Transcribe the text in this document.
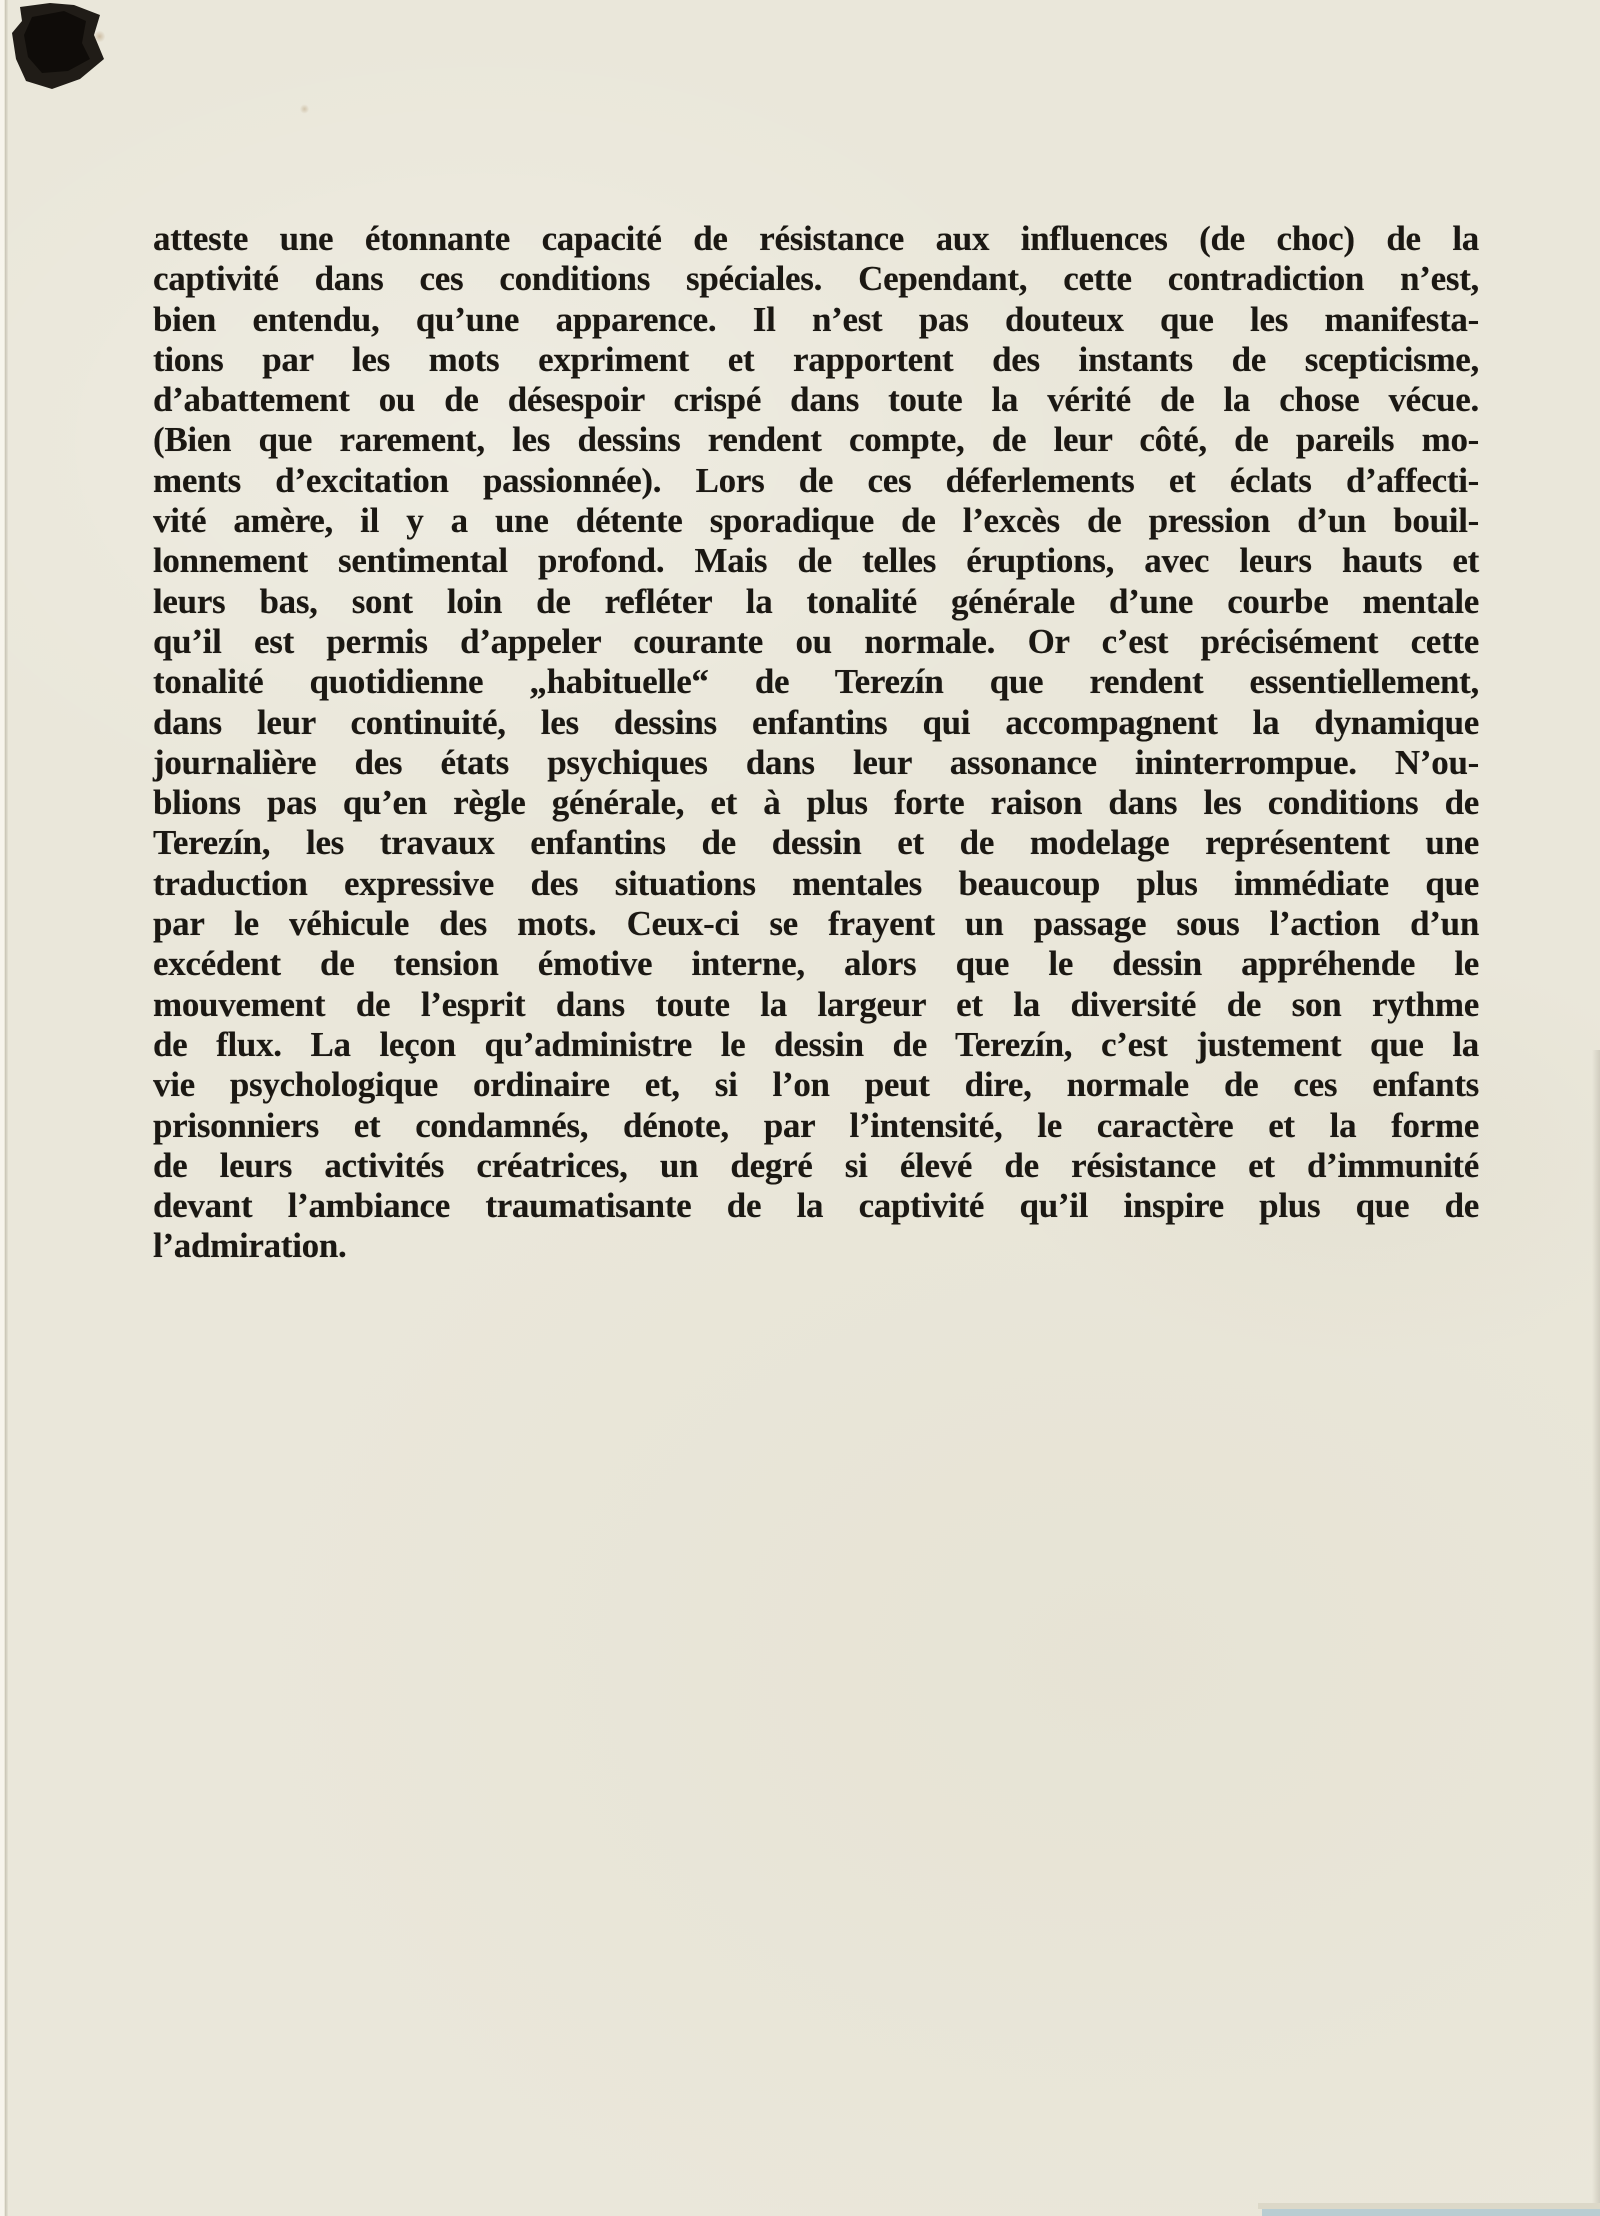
atteste une étonnante capacité de résistance aux influences (de choc) de la
captivité dans ces conditions spéciales. Cependant, cette contradiction n’est,
bien entendu, qu’une apparence. Il n’est pas douteux que les manifesta-
tions par les mots expriment et rapportent des instants de scepticisme,
d’abattement ou de désespoir crispé dans toute la vérité de la chose vécue.
(Bien que rarement, les dessins rendent compte, de leur côté, de pareils mo-
ments d’excitation passionnée). Lors de ces déferlements et éclats d’affecti-
vité amère, il y a une détente sporadique de l’excès de pression d’un bouil-
lonnement sentimental profond. Mais de telles éruptions, avec leurs hauts et
leurs bas, sont loin de refléter la tonalité générale d’une courbe mentale
qu’il est permis d’appeler courante ou normale. Or c’est précisément cette
tonalité quotidienne „habituelle“ de Terezín que rendent essentiellement,
dans leur continuité, les dessins enfantins qui accompagnent la dynamique
journalière des états psychiques dans leur assonance ininterrompue. N’ou-
blions pas qu’en règle générale, et à plus forte raison dans les conditions de
Terezín, les travaux enfantins de dessin et de modelage représentent une
traduction expressive des situations mentales beaucoup plus immédiate que
par le véhicule des mots. Ceux-ci se frayent un passage sous l’action d’un
excédent de tension émotive interne, alors que le dessin appréhende le
mouvement de l’esprit dans toute la largeur et la diversité de son rythme
de flux. La leçon qu’administre le dessin de Terezín, c’est justement que la
vie psychologique ordinaire et, si l’on peut dire, normale de ces enfants
prisonniers et condamnés, dénote, par l’intensité, le caractère et la forme
de leurs activités créatrices, un degré si élevé de résistance et d’immunité
devant l’ambiance traumatisante de la captivité qu’il inspire plus que de
l’admiration.
